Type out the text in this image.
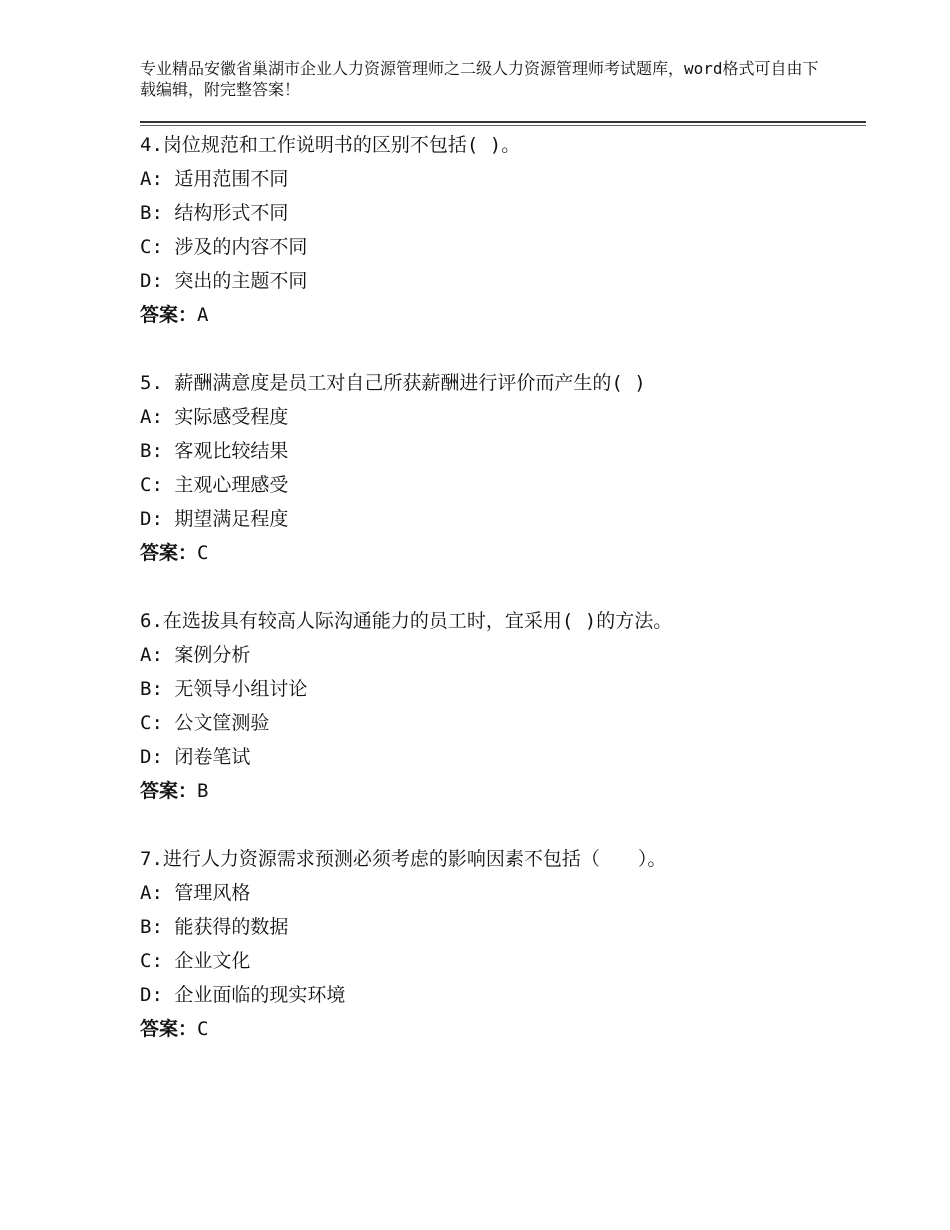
专业精品安徽省巢湖市企业人力资源管理师之二级人力资源管理师考试题库，word格式可自由下载编辑，附完整答案！
4.岗位规范和工作说明书的区别不包括( )。
A: 适用范围不同
B: 结构形式不同
C: 涉及的内容不同
D: 突出的主题不同
答案：A
5. 薪酬满意度是员工对自己所获薪酬进行评价而产生的( )
A: 实际感受程度
B: 客观比较结果
C: 主观心理感受
D: 期望满足程度
答案：C
6.在选拔具有较高人际沟通能力的员工时，宜采用( )的方法。
A: 案例分析
B: 无领导小组讨论
C: 公文筐测验
D: 闭卷笔试
答案：B
7.进行人力资源需求预测必须考虑的影响因素不包括（　　）。
A: 管理风格
B: 能获得的数据
C: 企业文化
D: 企业面临的现实环境
答案：C
